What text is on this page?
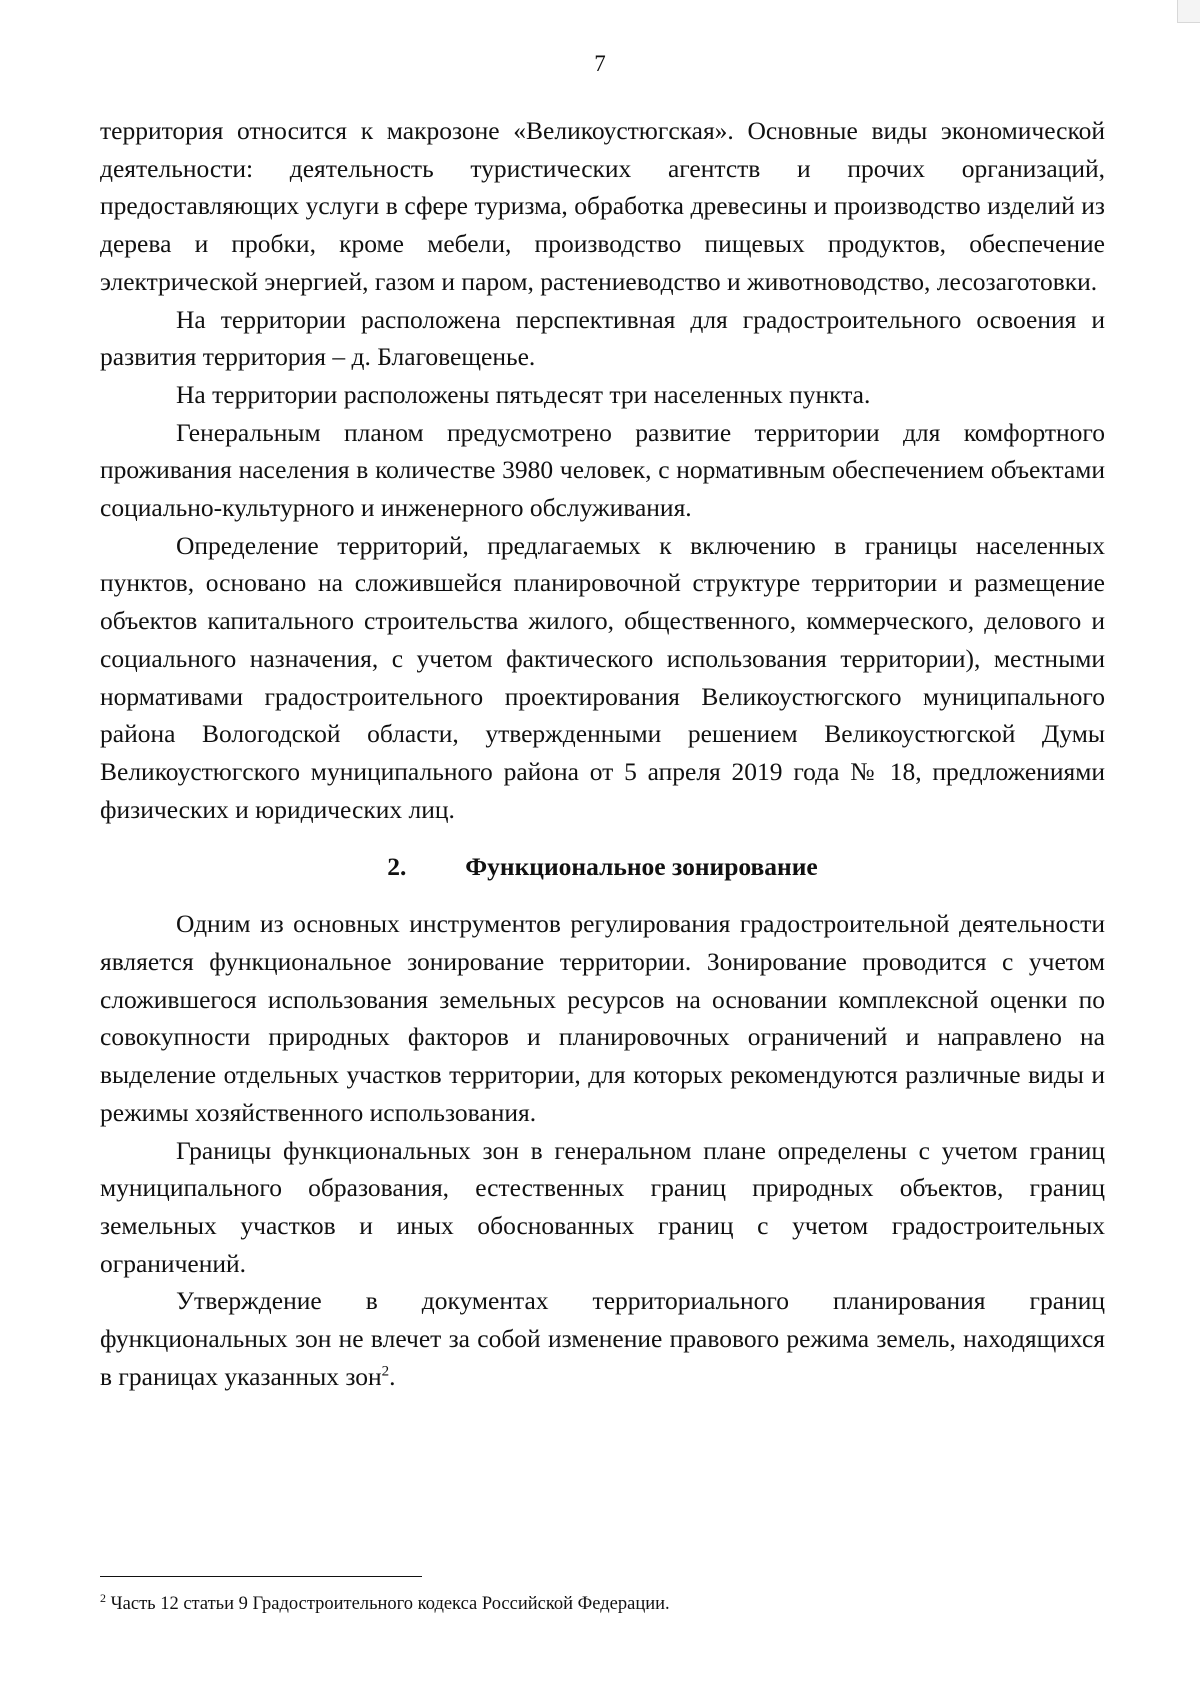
7

территория относится к макрозоне «Великоустюгская». Основные виды экономической деятельности: деятельность туристических агентств и прочих организаций, предоставляющих услуги в сфере туризма, обработка древесины и производство изделий из дерева и пробки, кроме мебели, производство пищевых продуктов, обеспечение электрической энергией, газом и паром, растениеводство и животноводство, лесозаготовки.

На территории расположена перспективная для градостроительного освоения и развития территория – д. Благовещенье.

На территории расположены пятьдесят три населенных пункта.

Генеральным планом предусмотрено развитие территории для комфортного проживания населения в количестве 3980 человек, с нормативным обеспечением объектами социально-культурного и инженерного обслуживания.

Определение территорий, предлагаемых к включению в границы населенных пунктов, основано на сложившейся планировочной структуре территории и размещение объектов капитального строительства жилого, общественного, коммерческого, делового и социального назначения, с учетом фактического использования территории), местными нормативами градостроительного проектирования Великоустюгского муниципального района Вологодской области, утвержденными решением Великоустюгской Думы Великоустюгского муниципального района от 5 апреля 2019 года № 18, предложениями физических и юридических лиц.

2. Функциональное зонирование

Одним из основных инструментов регулирования градостроительной деятельности является функциональное зонирование территории. Зонирование проводится с учетом сложившегося использования земельных ресурсов на основании комплексной оценки по совокупности природных факторов и планировочных ограничений и направлено на выделение отдельных участков территории, для которых рекомендуются различные виды и режимы хозяйственного использования.

Границы функциональных зон в генеральном плане определены с учетом границ муниципального образования, естественных границ природных объектов, границ земельных участков и иных обоснованных границ с учетом градостроительных ограничений.

Утверждение в документах территориального планирования границ функциональных зон не влечет за собой изменение правового режима земель, находящихся в границах указанных зон$^2$.

$^2$ Часть 12 статьи 9 Градостроительного кодекса Российской Федерации.
